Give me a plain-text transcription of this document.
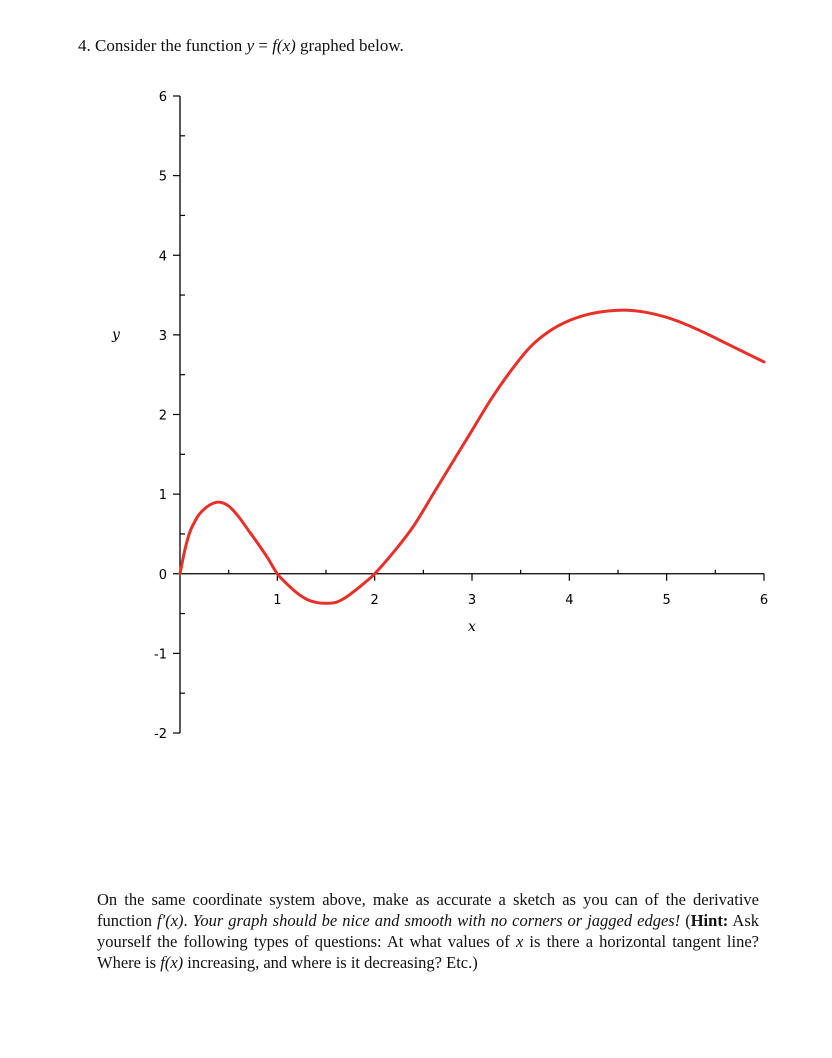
4. Consider the function y = f(x) graphed below.
-2
-1
0
1
2
3
4
5
6
1	2	3	4	5	6
x
y
On the same coordinate system above, make as accurate a sketch as you can of the derivative function f′(x). Your graph should be nice and smooth with no corners or jagged edges! (Hint: Ask yourself the following types of questions: At what values of x is there a horizontal tangent line? Where is f(x) increasing, and where is it decreasing? Etc.)
